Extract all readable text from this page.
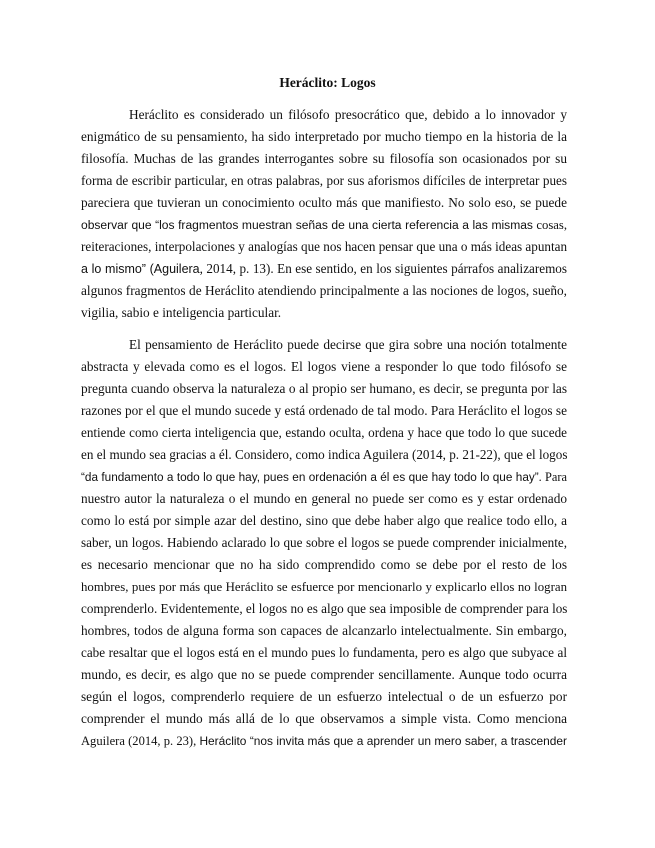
Heráclito: Logos
Heráclito es considerado un filósofo presocrático que, debido a lo innovador y
enigmático de su pensamiento, ha sido interpretado por mucho tiempo en la historia de la
filosofía. Muchas de las grandes interrogantes sobre su filosofía son ocasionados por su
forma de escribir particular, en otras palabras, por sus aforismos difíciles de interpretar pues
pareciera que tuvieran un conocimiento oculto más que manifiesto. No solo eso, se puede
observar que “los fragmentos muestran señas de una cierta referencia a las mismas cosas,
reiteraciones, interpolaciones y analogías que nos hacen pensar que una o más ideas apuntan
a lo mismo” (Aguilera, 2014, p. 13). En ese sentido, en los siguientes párrafos analizaremos
algunos fragmentos de Heráclito atendiendo principalmente a las nociones de logos, sueño,
vigilia, sabio e inteligencia particular.
El pensamiento de Heráclito puede decirse que gira sobre una noción totalmente
abstracta y elevada como es el logos. El logos viene a responder lo que todo filósofo se
pregunta cuando observa la naturaleza o al propio ser humano, es decir, se pregunta por las
razones por el que el mundo sucede y está ordenado de tal modo. Para Heráclito el logos se
entiende como cierta inteligencia que, estando oculta, ordena y hace que todo lo que sucede
en el mundo sea gracias a él. Considero, como indica Aguilera (2014, p. 21-22), que el logos
“da fundamento a todo lo que hay, pues en ordenación a él es que hay todo lo que hay”. Para
nuestro autor la naturaleza o el mundo en general no puede ser como es y estar ordenado
como lo está por simple azar del destino, sino que debe haber algo que realice todo ello, a
saber, un logos. Habiendo aclarado lo que sobre el logos se puede comprender inicialmente,
es necesario mencionar que no ha sido comprendido como se debe por el resto de los
hombres, pues por más que Heráclito se esfuerce por mencionarlo y explicarlo ellos no logran
comprenderlo. Evidentemente, el logos no es algo que sea imposible de comprender para los
hombres, todos de alguna forma son capaces de alcanzarlo intelectualmente. Sin embargo,
cabe resaltar que el logos está en el mundo pues lo fundamenta, pero es algo que subyace al
mundo, es decir, es algo que no se puede comprender sencillamente. Aunque todo ocurra
según el logos, comprenderlo requiere de un esfuerzo intelectual o de un esfuerzo por
comprender el mundo más allá de lo que observamos a simple vista. Como menciona
Aguilera (2014, p. 23), Heráclito “nos invita más que a aprender un mero saber, a trascender
